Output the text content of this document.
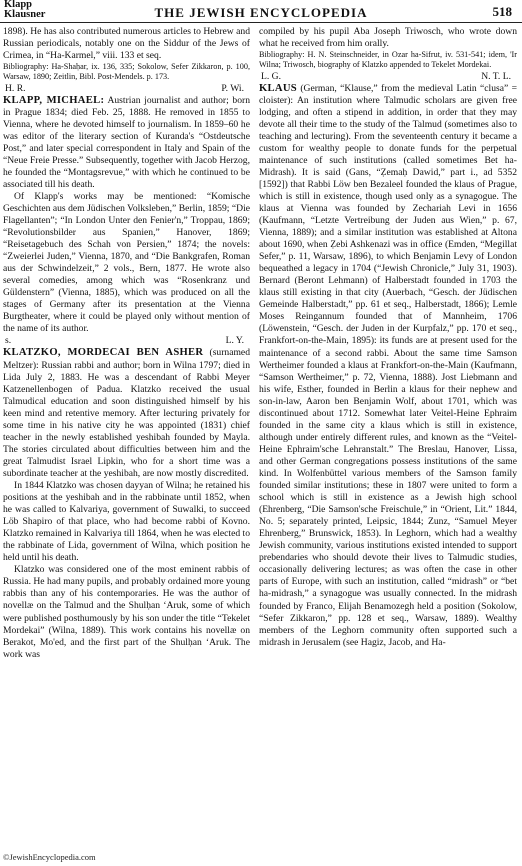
Klapp
Klausner	THE JEWISH ENCYCLOPEDIA	518

1898). He has also contributed numerous articles to Hebrew and Russian periodicals, notably one on the Siddur of the Jews of Crimea, in “Ha-Karmel,” viii. 133 et seq.

Bibliography: Ha-Shaḥar, ix. 136, 335; Sokolow, Sefer Zikkaron, p. 100, Warsaw, 1890; Zeitlin, Bibl. Post-Mendels. p. 173.

H. R.	P. Wi.

KLAPP, MICHAEL: Austrian journalist and author; born in Prague 1834; died Feb. 25, 1888. He removed in 1855 to Vienna, where he devoted himself to journalism. In 1859–60 he was editor of the literary section of Kuranda's “Ostdeutsche Post,” and later special correspondent in Italy and Spain of the “Neue Freie Presse.” Subsequently, together with Jacob Herzog, he founded the “Montagsrevue,” with which he continued to be associated till his death.

Of Klapp's works may be mentioned: “Komische Geschichten aus dem Jüdischen Volksleben,” Berlin, 1859; “Die Flagellanten”; “In London Unter den Fenier'n,” Troppau, 1869; “Revolutionsbilder aus Spanien,” Hanover, 1869; “Reisetagebuch des Schah von Persien,” 1874; the novels: “Zweierlei Juden,” Vienna, 1870, and “Die Bankgrafen, Roman aus der Schwindelzeit,” 2 vols., Bern, 1877. He wrote also several comedies, among which was “Rosenkranz und Güldenstern” (Vienna, 1885), which was produced on all the stages of Germany after its presentation at the Vienna Burgtheater, where it could be played only without mention of the name of its author.

s.	L. Y.

KLATZKO, MORDECAI BEN ASHER (surnamed Meltzer): Russian rabbi and author; born in Wilna 1797; died in Lida July 2, 1883. He was a descendant of Rabbi Meyer Katzenellenbogen of Padua. Klatzko received the usual Talmudical education and soon distinguished himself by his keen mind and retentive memory. After lecturing privately for some time in his native city he was appointed (1831) chief teacher in the newly established yeshibah founded by Mayla. The stories circulated about difficulties between him and the great Talmudist Israel Lipkin, who for a short time was a subordinate teacher at the yeshibah, are now mostly discredited.

In 1844 Klatzko was chosen dayyan of Wilna; he retained his positions at the yeshibah and in the rabbinate until 1852, when he was called to Kalvariya, government of Suwalki, to succeed Löb Shapiro of that place, who had become rabbi of Kovno. Klatzko remained in Kalvariya till 1864, when he was elected to the rabbinate of Lida, government of Wilna, which position he held until his death.

Klatzko was considered one of the most eminent rabbis of Russia. He had many pupils, and probably ordained more young rabbis than any of his contemporaries. He was the author of novellæ on the Talmud and the Shulḥan ‘Aruk, some of which were published posthumously by his son under the title “Tekelet Mordekai” (Wilna, 1889). This work contains his novellæ on Berakot, Mo'ed, and the first part of the Shulḥan ‘Aruk. The work was

compiled by his pupil Aba Joseph Triwosch, who wrote down what he received from him orally.

Bibliography: H. N. Steinschneider, in Ozar ha-Sifrut, iv. 531-541; idem, 'Ir Wilna; Triwosch, biography of Klatzko appended to Tekelet Mordekai.

L. G.	N. T. L.

KLAUS (German, “Klause,” from the medieval Latin “clusa” = cloister): An institution where Talmudic scholars are given free lodging, and often a stipend in addition, in order that they may devote all their time to the study of the Talmud (sometimes also to teaching and lecturing). From the seventeenth century it became a custom for wealthy people to donate funds for the perpetual maintenance of such institutions (called sometimes Bet ha-Midrash). It is said (Gans, “Ẓemaḥ Dawid,” part i., ad 5352 [1592]) that Rabbi Löw ben Bezaleel founded the klaus of Prague, which is still in existence, though used only as a synagogue. The klaus at Vienna was founded by Zechariah Levi in 1656 (Kaufmann, “Letzte Vertreibung der Juden aus Wien,” p. 67, Vienna, 1889); and a similar institution was established at Altona about 1690, when Ẓebi Ashkenazi was in office (Emden, “Megillat Sefer,” p. 11, Warsaw, 1896), to which Benjamin Levy of London bequeathed a legacy in 1704 (“Jewish Chronicle,” July 31, 1903). Bernard (Beront Lehmann) of Halberstadt founded in 1703 the klaus still existing in that city (Auerbach, “Gesch. der Jüdischen Gemeinde Halberstadt,” pp. 61 et seq., Halberstadt, 1866); Lemle Moses Reingannum founded that of Mannheim, 1706 (Löwenstein, “Gesch. der Juden in der Kurpfalz,” pp. 170 et seq., Frankfort-on-the-Main, 1895): its funds are at present used for the maintenance of a second rabbi. About the same time Samson Wertheimer founded a klaus at Frankfort-on-the-Main (Kaufmann, “Samson Wertheimer,” p. 72, Vienna, 1888). Jost Liebmann and his wife, Esther, founded in Berlin a klaus for their nephew and son-in-law, Aaron ben Benjamin Wolf, about 1701, which was discontinued about 1712. Somewhat later Veitel-Heine Ephraim founded in the same city a klaus which is still in existence, although under entirely different rules, and known as the “Veitel-Heine Ephraim'sche Lehranstalt.” The Breslau, Hanover, Lissa, and other German congregations possess institutions of the same kind. In Wolfenbüttel various members of the Samson family founded similar institutions; these in 1807 were united to form a school which is still in existence as a Jewish high school (Ehrenberg, “Die Samson'sche Freischule,” in “Orient, Lit.” 1844, No. 5; separately printed, Leipsic, 1844; Zunz, “Samuel Meyer Ehrenberg,” Brunswick, 1853). In Leghorn, which had a wealthy Jewish community, various institutions existed intended to support prebendaries who should devote their lives to Talmudic studies, occasionally delivering lectures; as was often the case in other parts of Europe, with such an institution, called “midrash” or “bet ha-midrash,” a synagogue was usually connected. In the midrash founded by Franco, Elijah Benamozegh held a position (Sokolow, “Sefer Zikkaron,” pp. 128 et seq., Warsaw, 1889). Wealthy members of the Leghorn community often supported such a midrash in Jerusalem (see Hagiz, Jacob, and Ha-

©JewishEncyclopedia.com
